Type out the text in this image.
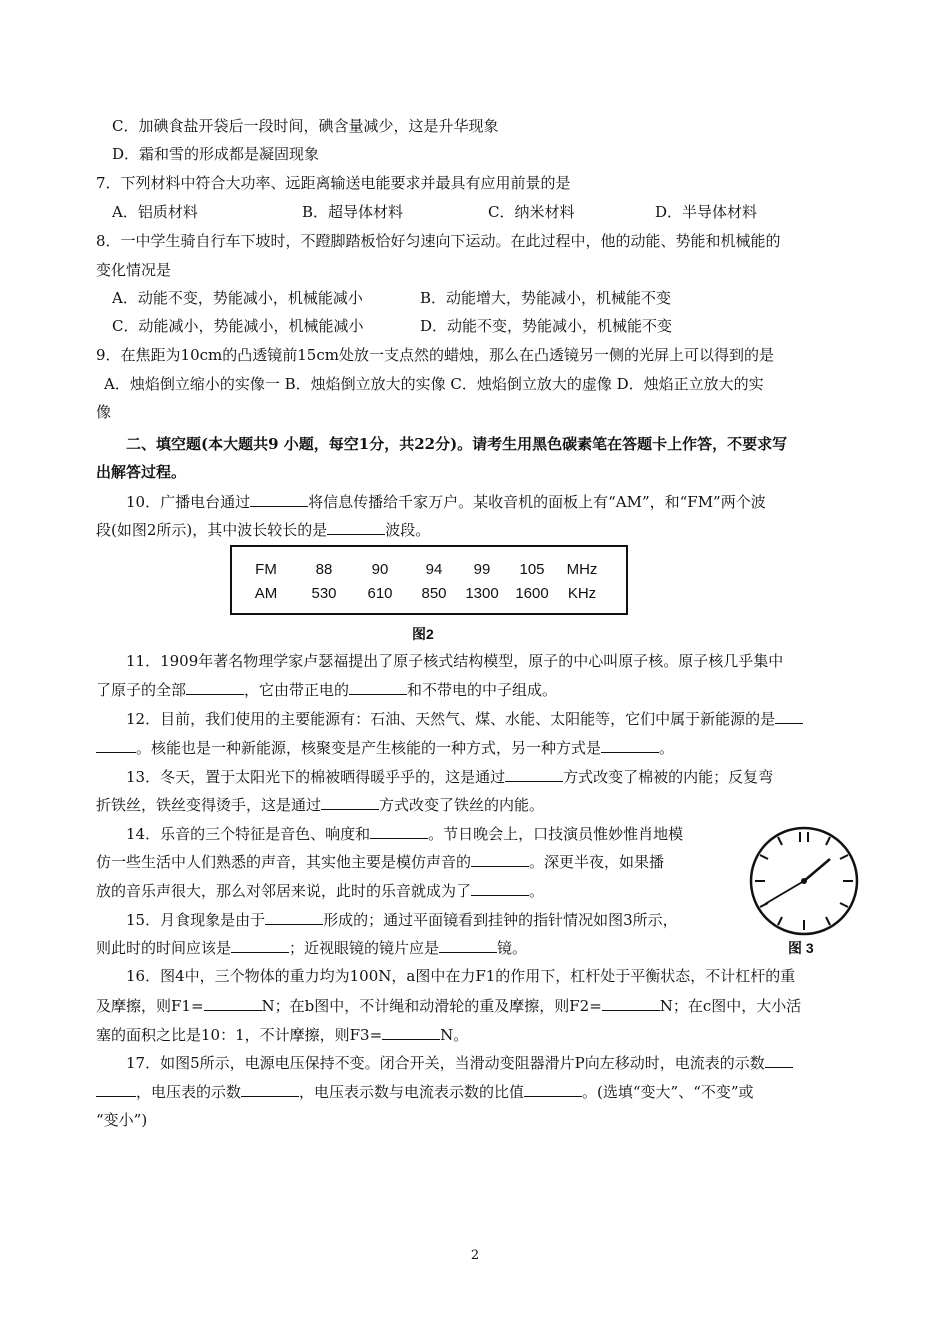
C．加碘食盐开袋后一段时间，碘含量减少，这是升华现象
D．霜和雪的形成都是凝固现象
7．下列材料中符合大功率、远距离输送电能要求并最具有应用前景的是
A．铝质材料	B．超导体材料	C．纳米材料	D．半导体材料
8．一中学生骑自行车下坡时，不蹬脚踏板恰好匀速向下运动。在此过程中，他的动能、势能和机械能的
变化情况是
A．动能不变，势能减小，机械能减小	B．动能增大，势能减小，机械能不变
C．动能减小，势能减小，机械能减小	D．动能不变，势能减小，机械能不变
9．在焦距为10cm的凸透镜前15cm处放一支点然的蜡烛，那么在凸透镜另一侧的光屏上可以得到的是
A．烛焰倒立缩小的实像一 B．烛焰倒立放大的实像 C．烛焰倒立放大的虚像 D．烛焰正立放大的实
像
二、填空题(本大题共9 小题，每空1分，共22分)。请考生用黑色碳素笔在答题卡上作答，不要求写
出解答过程。
10．广播电台通过	将信息传播给千家万户。某收音机的面板上有“AM”，和“FM”两个波
段(如图2所示)，其中波长较长的是	波段。
FM	88	90	94	99	105	MHz
AM	530	610	850	1300	1600	KHz
图2
11．1909年著名物理学家卢瑟福提出了原子核式结构模型，原子的中心叫原子核。原子核几乎集中
了原子的全部	，它由带正电的	和不带电的中子组成。
12．目前，我们使用的主要能源有：石油、天然气、煤、水能、太阳能等，它们中属于新能源的是
。核能也是一种新能源，核聚变是产生核能的一种方式，另一种方式是	。
13．冬天，置于太阳光下的棉被晒得暖乎乎的，这是通过	方式改变了棉被的内能；反复弯
折铁丝，铁丝变得烫手，这是通过	方式改变了铁丝的内能。
14．乐音的三个特征是音色、响度和	。节日晚会上，口技演员惟妙惟肖地模
仿一些生活中人们熟悉的声音，其实他主要是模仿声音的	。深更半夜，如果播
放的音乐声很大，那么对邻居来说，此时的乐音就成为了	。
15．月食现象是由于	形成的；通过平面镜看到挂钟的指针情况如图3所示，
则此时的时间应该是	；近视眼镜的镜片应是	镜。	图 3
16．图4中，三个物体的重力均为100N，a图中在力F1的作用下，杠杆处于平衡状态，不计杠杆的重
及摩擦，则F1=	N；在b图中，不计绳和动滑轮的重及摩擦，则F2=	N；在c图中，大小活
塞的面积之比是10：1，不计摩擦，则F3=	N。
17．如图5所示，电源电压保持不变。闭合开关，当滑动变阻器滑片P向左移动时，电流表的示数
，电压表的示数	，电压表示数与电流表示数的比值	。(选填“变大”、“不变”或
“变小”)
2
